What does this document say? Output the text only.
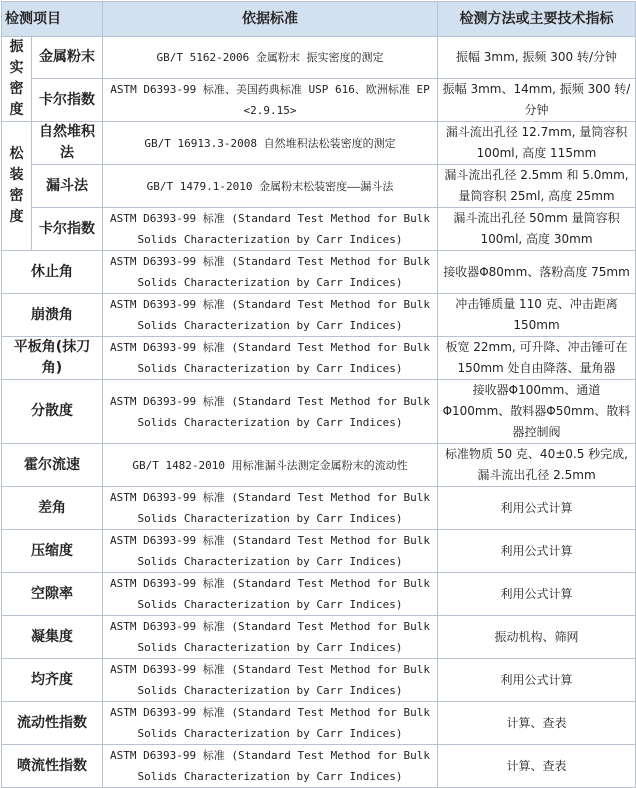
检测项目		依据标准	检测方法或主要技术指标
振实密度	金属粉末	GB/T 5162-2006 金属粉末 振实密度的测定	振幅 3mm, 振频 300 转/分钟
	卡尔指数	ASTM D6393-99 标准、美国药典标准 USP 616、欧洲标准 EP <2.9.15>	振幅 3mm、14mm, 振频 300 转/分钟
松装密度	自然堆积法	GB/T 16913.3-2008 自然堆积法松装密度的测定	漏斗流出孔径 12.7mm, 量筒容积 100ml, 高度 115mm
	漏斗法	GB/T 1479.1-2010 金属粉末松装密度——漏斗法	漏斗流出孔径 2.5mm 和 5.0mm, 量筒容积 25ml, 高度 25mm
	卡尔指数	ASTM D6393-99 标准 (Standard Test Method for Bulk Solids Characterization by Carr Indices)	漏斗流出孔径 50mm 量筒容积 100ml, 高度 30mm
休止角		ASTM D6393-99 标准 (Standard Test Method for Bulk Solids Characterization by Carr Indices)	接收器Φ80mm、落粉高度 75mm
崩溃角		ASTM D6393-99 标准 (Standard Test Method for Bulk Solids Characterization by Carr Indices)	冲击锤质量 110 克、冲击距离 150mm
平板角(抹刀角)		ASTM D6393-99 标准 (Standard Test Method for Bulk Solids Characterization by Carr Indices)	板宽 22mm, 可升降、冲击锤可在 150mm 处自由降落、量角器
分散度		ASTM D6393-99 标准 (Standard Test Method for Bulk Solids Characterization by Carr Indices)	接收器Φ100mm、通道Φ100mm、散料器Φ50mm、散料器控制阀
霍尔流速		GB/T 1482-2010 用标准漏斗法测定金属粉末的流动性	标准物质 50 克、40±0.5 秒完成, 漏斗流出孔径 2.5mm
差角		ASTM D6393-99 标准 (Standard Test Method for Bulk Solids Characterization by Carr Indices)	利用公式计算
压缩度		ASTM D6393-99 标准 (Standard Test Method for Bulk Solids Characterization by Carr Indices)	利用公式计算
空隙率		ASTM D6393-99 标准 (Standard Test Method for Bulk Solids Characterization by Carr Indices)	利用公式计算
凝集度		ASTM D6393-99 标准 (Standard Test Method for Bulk Solids Characterization by Carr Indices)	振动机构、筛网
均齐度		ASTM D6393-99 标准 (Standard Test Method for Bulk Solids Characterization by Carr Indices)	利用公式计算
流动性指数		ASTM D6393-99 标准 (Standard Test Method for Bulk Solids Characterization by Carr Indices)	计算、查表
喷流性指数		ASTM D6393-99 标准 (Standard Test Method for Bulk Solids Characterization by Carr Indices)	计算、查表
